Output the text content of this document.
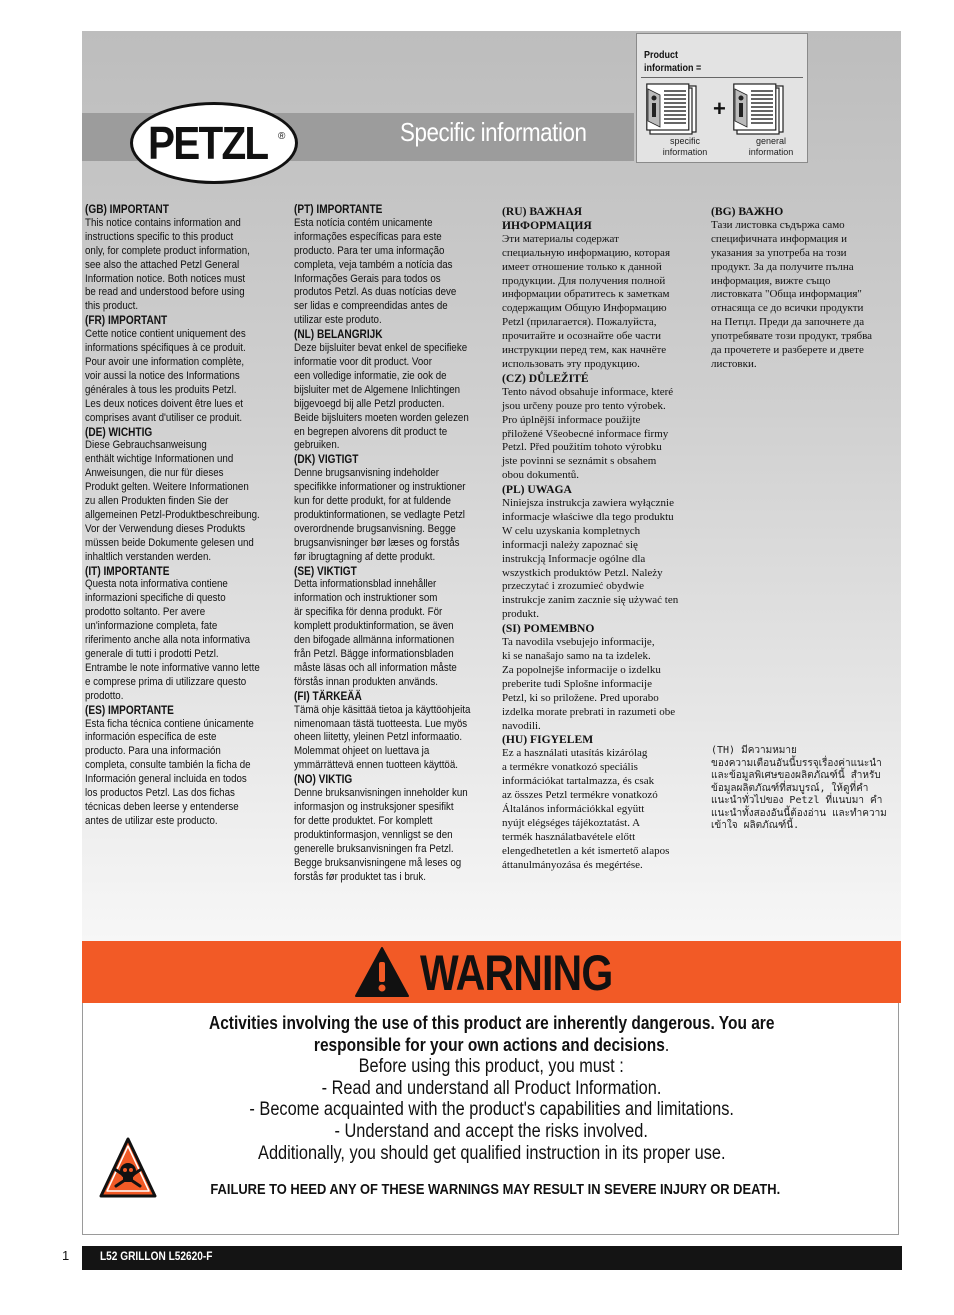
Specific information
PETZL ®
Product information =
+
specific
information
general
information
(GB) IMPORTANT

This notice contains information and
instructions specific to this product
only, for complete product information,
see also the attached Petzl General
Information notice. Both notices must
be read and understood before using
this product.

(FR) IMPORTANT

Cette notice contient uniquement des
informations spécifiques à ce produit.
Pour avoir une information complète,
voir aussi la notice des Informations
générales à tous les produits Petzl.
Les deux notices doivent être lues et
comprises avant d'utiliser ce produit.

(DE) WICHTIG

Diese Gebrauchsanweisung
enthält wichtige Informationen und
Anweisungen, die nur für dieses
Produkt gelten. Weitere Informationen
zu allen Produkten finden Sie der
allgemeinen Petzl-Produktbeschreibung.
Vor der Verwendung dieses Produkts
müssen beide Dokumente gelesen und
inhaltlich verstanden werden.

(IT) IMPORTANTE

Questa nota informativa contiene
informazioni specifiche di questo
prodotto soltanto. Per avere
un'informazione completa, fate
riferimento anche alla nota informativa
generale di tutti i prodotti Petzl.
Entrambe le note informative vanno lette
e comprese prima di utilizzare questo
prodotto.

(ES) IMPORTANTE

Esta ficha técnica contiene únicamente
información específica de este
producto. Para una información
completa, consulte también la ficha de
Información general incluida en todos
los productos Petzl. Las dos fichas
técnicas deben leerse y entenderse
antes de utilizar este producto.

(PT) IMPORTANTE

Esta notícia contém unicamente
informações específicas para este
producto. Para ter uma informação
completa, veja também a notícia das
Informações Gerais para todos os
produtos Petzl. As duas notícias deve
ser lidas e compreendidas antes de
utilizar este produto.

(NL) BELANGRIJK

Deze bijsluiter bevat enkel de specifieke
informatie voor dit product. Voor
een volledige informatie, zie ook de
bijsluiter met de Algemene Inlichtingen
bijgevoegd bij alle Petzl producten.
Beide bijsluiters moeten worden gelezen
en begrepen alvorens dit product te
gebruiken.

(DK) VIGTIGT

Denne brugsanvisning indeholder
specifikke informationer og instruktioner
kun for dette produkt, for at fuldende
produktinformationen, se vedlagte Petzl
overordnende brugsanvisning. Begge
brugsanvisninger bør læses og forstås
før ibrugtagning af dette produkt.

(SE) VIKTIGT

Detta informationsblad innehåller
information och instruktioner som
är specifika för denna produkt. För
komplett produktinformation, se även
den bifogade allmänna informationen
från Petzl. Bägge informationsbladen
måste läsas och all information måste
förstås innan produkten används.

(FI) TÄRKEÄÄ

Tämä ohje käsittää tietoa ja käyttöohjeita
nimenomaan tästä tuotteesta. Lue myös
oheen liitetty, yleinen Petzl informaatio.
Molemmat ohjeet on luettava ja
ymmärrättevä ennen tuotteen käyttöä.

(NO) VIKTIG

Denne bruksanvisningen inneholder kun
informasjon og instruksjoner spesifikt
for dette produktet. For komplett
produktinformasjon, vennligst se den
generelle bruksanvisningen fra Petzl.
Begge bruksanvisningene må leses og
forstås før produktet tas i bruk.

(RU) ВАЖНАЯ
ИНФОРМАЦИЯ

Эти материалы содержат
специальную информацию, которая
имеет отношение только к данной
продукции. Для получения полной
информации обратитесь к заметкам
содержащим Общую Информацию
Petzl (прилагается). Пожалуйста,
прочитайте и осознайте обе части
инструкции перед тем, как начнёте
использовать эту продукцию.

(CZ) DŮLEŽITÉ

Tento návod obsahuje informace, které
jsou určeny pouze pro tento výrobek.
Pro úplnější informace použijte
přiložené Všeobecné informace firmy
Petzl. Před použitím tohoto výrobku
jste povinni se seznámit s obsahem
obou dokumentů.

(PL) UWAGA

Niniejsza instrukcja zawiera wyłącznie
informacje właściwe dla tego produktu
W celu uzyskania kompletnych
informacji należy zapoznać się
instrukcją Informacje ogólne dla
wszystkich produktów Petzl. Należy
przeczytać i zrozumieć obydwie
instrukcje zanim zacznie się używać ten
produkt.

(SI) POMEMBNO

Ta navodila vsebujejo informacije,
ki se nanašajo samo na ta izdelek.
Za popolnejše informacije o izdelku
preberite tudi Splošne informacije
Petzl, ki so priložene. Pred uporabo
izdelka morate prebrati in razumeti obe
navodili.

(HU) FIGYELEM

Ez a használati utasítás kizárólag
a termékre vonatkozó speciális
információkat tartalmazza, és csak
az összes Petzl termékre vonatkozó
Általános információkkal együtt
nyújt elégséges tájékoztatást. A
termék használatbavétele előtt
elengedhetetlen a két ismertető alapos
áttanulmányozása és megértése.

(BG) ВАЖНО

Тази листовка съдържа само
специфичната информация и
указания за употреба на този
продукт. За да получите пълна
информация, вижте също
листовката "Обща информация"
отнасяща се до всички продукти
на Петцл. Преди да започнете да
употребявате този продукт, трябва
да прочетете и разберете и двете
листовки.

(TH) มีความหมาย
ของความเตือนอันนี้บรรจุเรื่องค่าแนะนำ และข้อมูลพิเศษของผลิตภัณฑ์นี้ สำหรับข้อมูลผลิตภัณฑ์ที่สมบูรณ์, ให้ดูที่คำแนะนำทั่วไปของ Petzl ที่แนบมา คำแนะนำทั้งสองอันนี้ต้องอ่าน และทำความเข้าใจ ผลิตภัณฑ์นี้.
WARNING
Activities involving the use of this product are inherently dangerous. You are
responsible for your own actions and decisions.
Before using this product, you must :
- Read and understand all Product Information.
- Become acquainted with the product's capabilities and limitations.
- Understand and accept the risks involved.
Additionally, you should get qualified instruction in its proper use.
FAILURE TO HEED ANY OF THESE WARNINGS MAY RESULT IN SEVERE INJURY OR DEATH.
1	L52 GRILLON L52620-F
